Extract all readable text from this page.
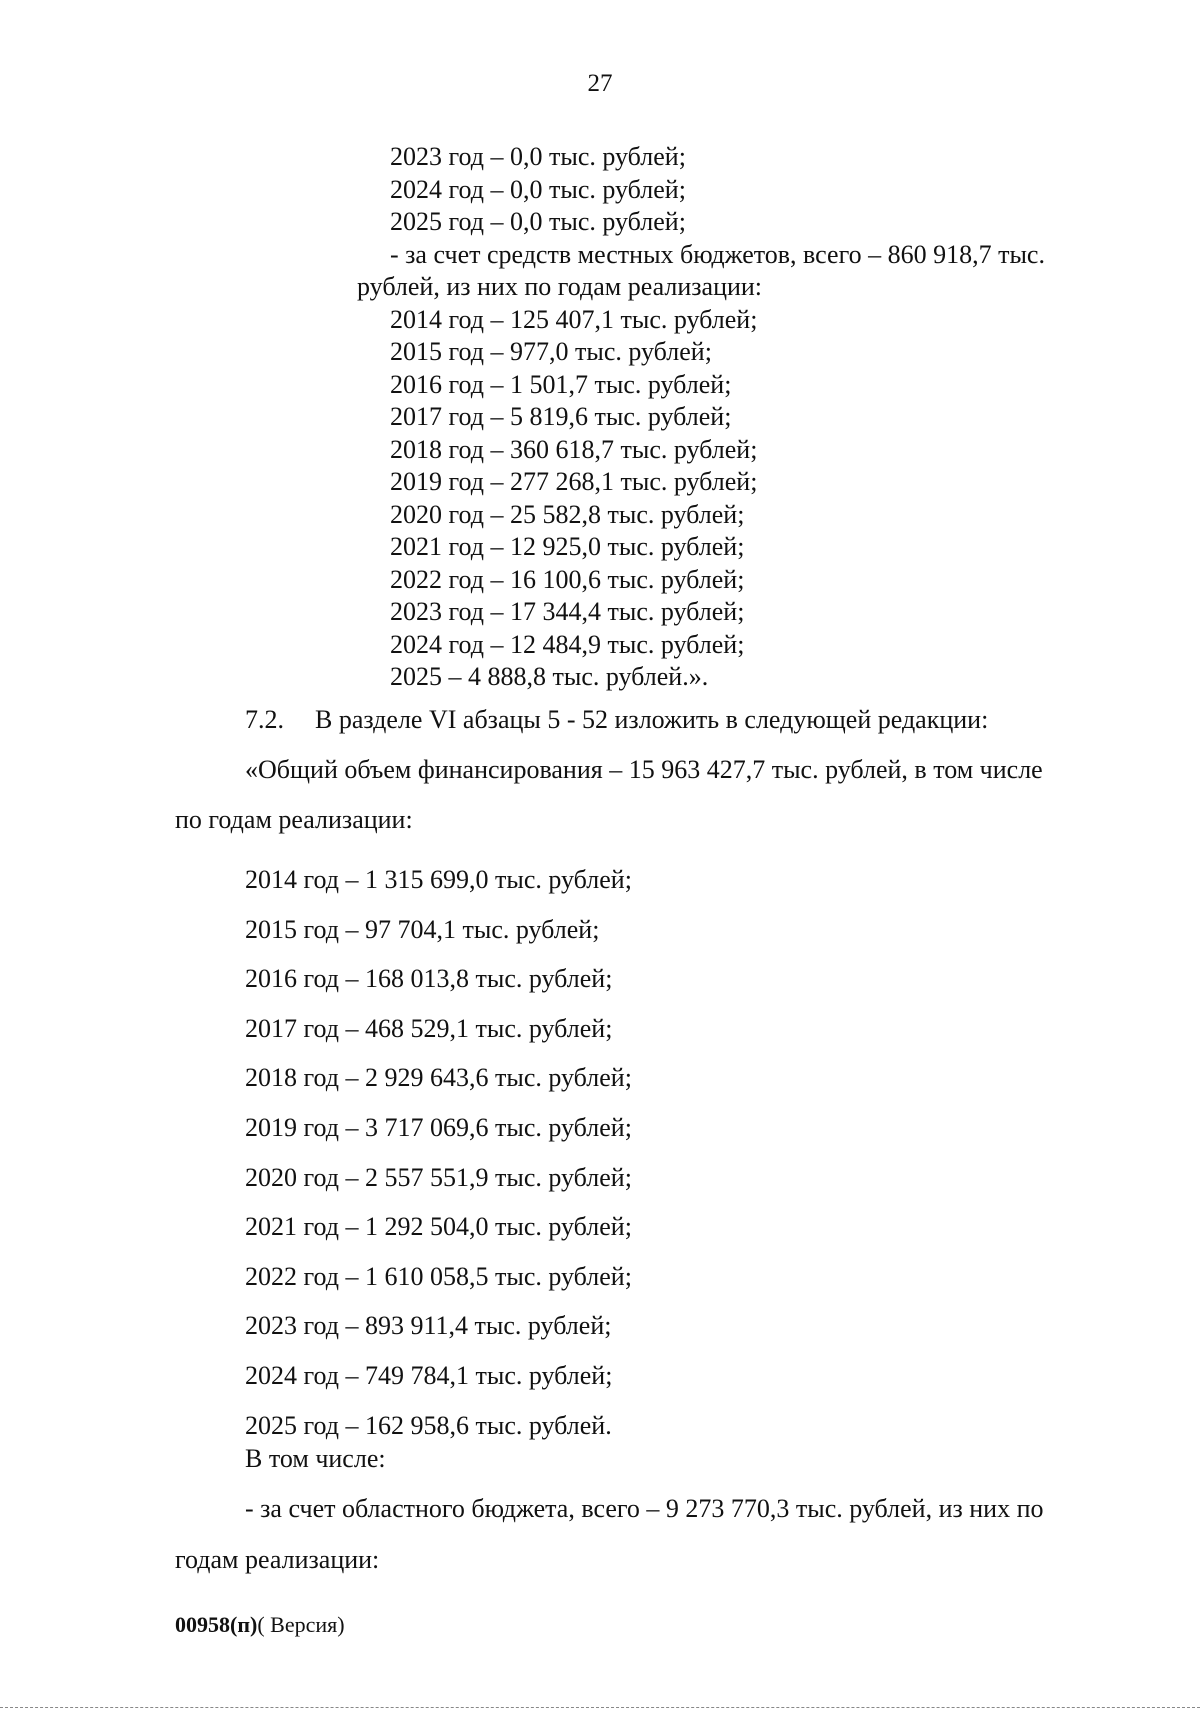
27
2023 год – 0,0 тыс. рублей;
2024 год – 0,0 тыс. рублей;
2025 год – 0,0 тыс. рублей;
- за счет средств местных бюджетов, всего – 860 918,7 тыс.
рублей, из них по годам реализации:
2014 год – 125 407,1 тыс. рублей;
2015 год – 977,0 тыс. рублей;
2016 год – 1 501,7 тыс. рублей;
2017 год – 5 819,6 тыс. рублей;
2018 год – 360 618,7 тыс. рублей;
2019 год – 277 268,1 тыс. рублей;
2020 год – 25 582,8 тыс. рублей;
2021 год – 12 925,0 тыс. рублей;
2022 год – 16 100,6 тыс. рублей;
2023 год – 17 344,4 тыс. рублей;
2024 год – 12 484,9 тыс. рублей;
2025 – 4 888,8 тыс. рублей.».
7.2. В разделе VI абзацы 5 - 52 изложить в следующей редакции:
«Общий объем финансирования – 15 963 427,7 тыс. рублей, в том числе
по годам реализации:
2014 год – 1 315 699,0 тыс. рублей;
2015 год – 97 704,1 тыс. рублей;
2016 год – 168 013,8 тыс. рублей;
2017 год – 468 529,1 тыс. рублей;
2018 год – 2 929 643,6 тыс. рублей;
2019 год – 3 717 069,6 тыс. рублей;
2020 год – 2 557 551,9 тыс. рублей;
2021 год – 1 292 504,0 тыс. рублей;
2022 год – 1 610 058,5 тыс. рублей;
2023 год – 893 911,4 тыс. рублей;
2024 год – 749 784,1 тыс. рублей;
2025 год – 162 958,6 тыс. рублей.
В том числе:
- за счет областного бюджета, всего – 9 273 770,3 тыс. рублей, из них по
годам реализации:
00958(п)( Версия)
